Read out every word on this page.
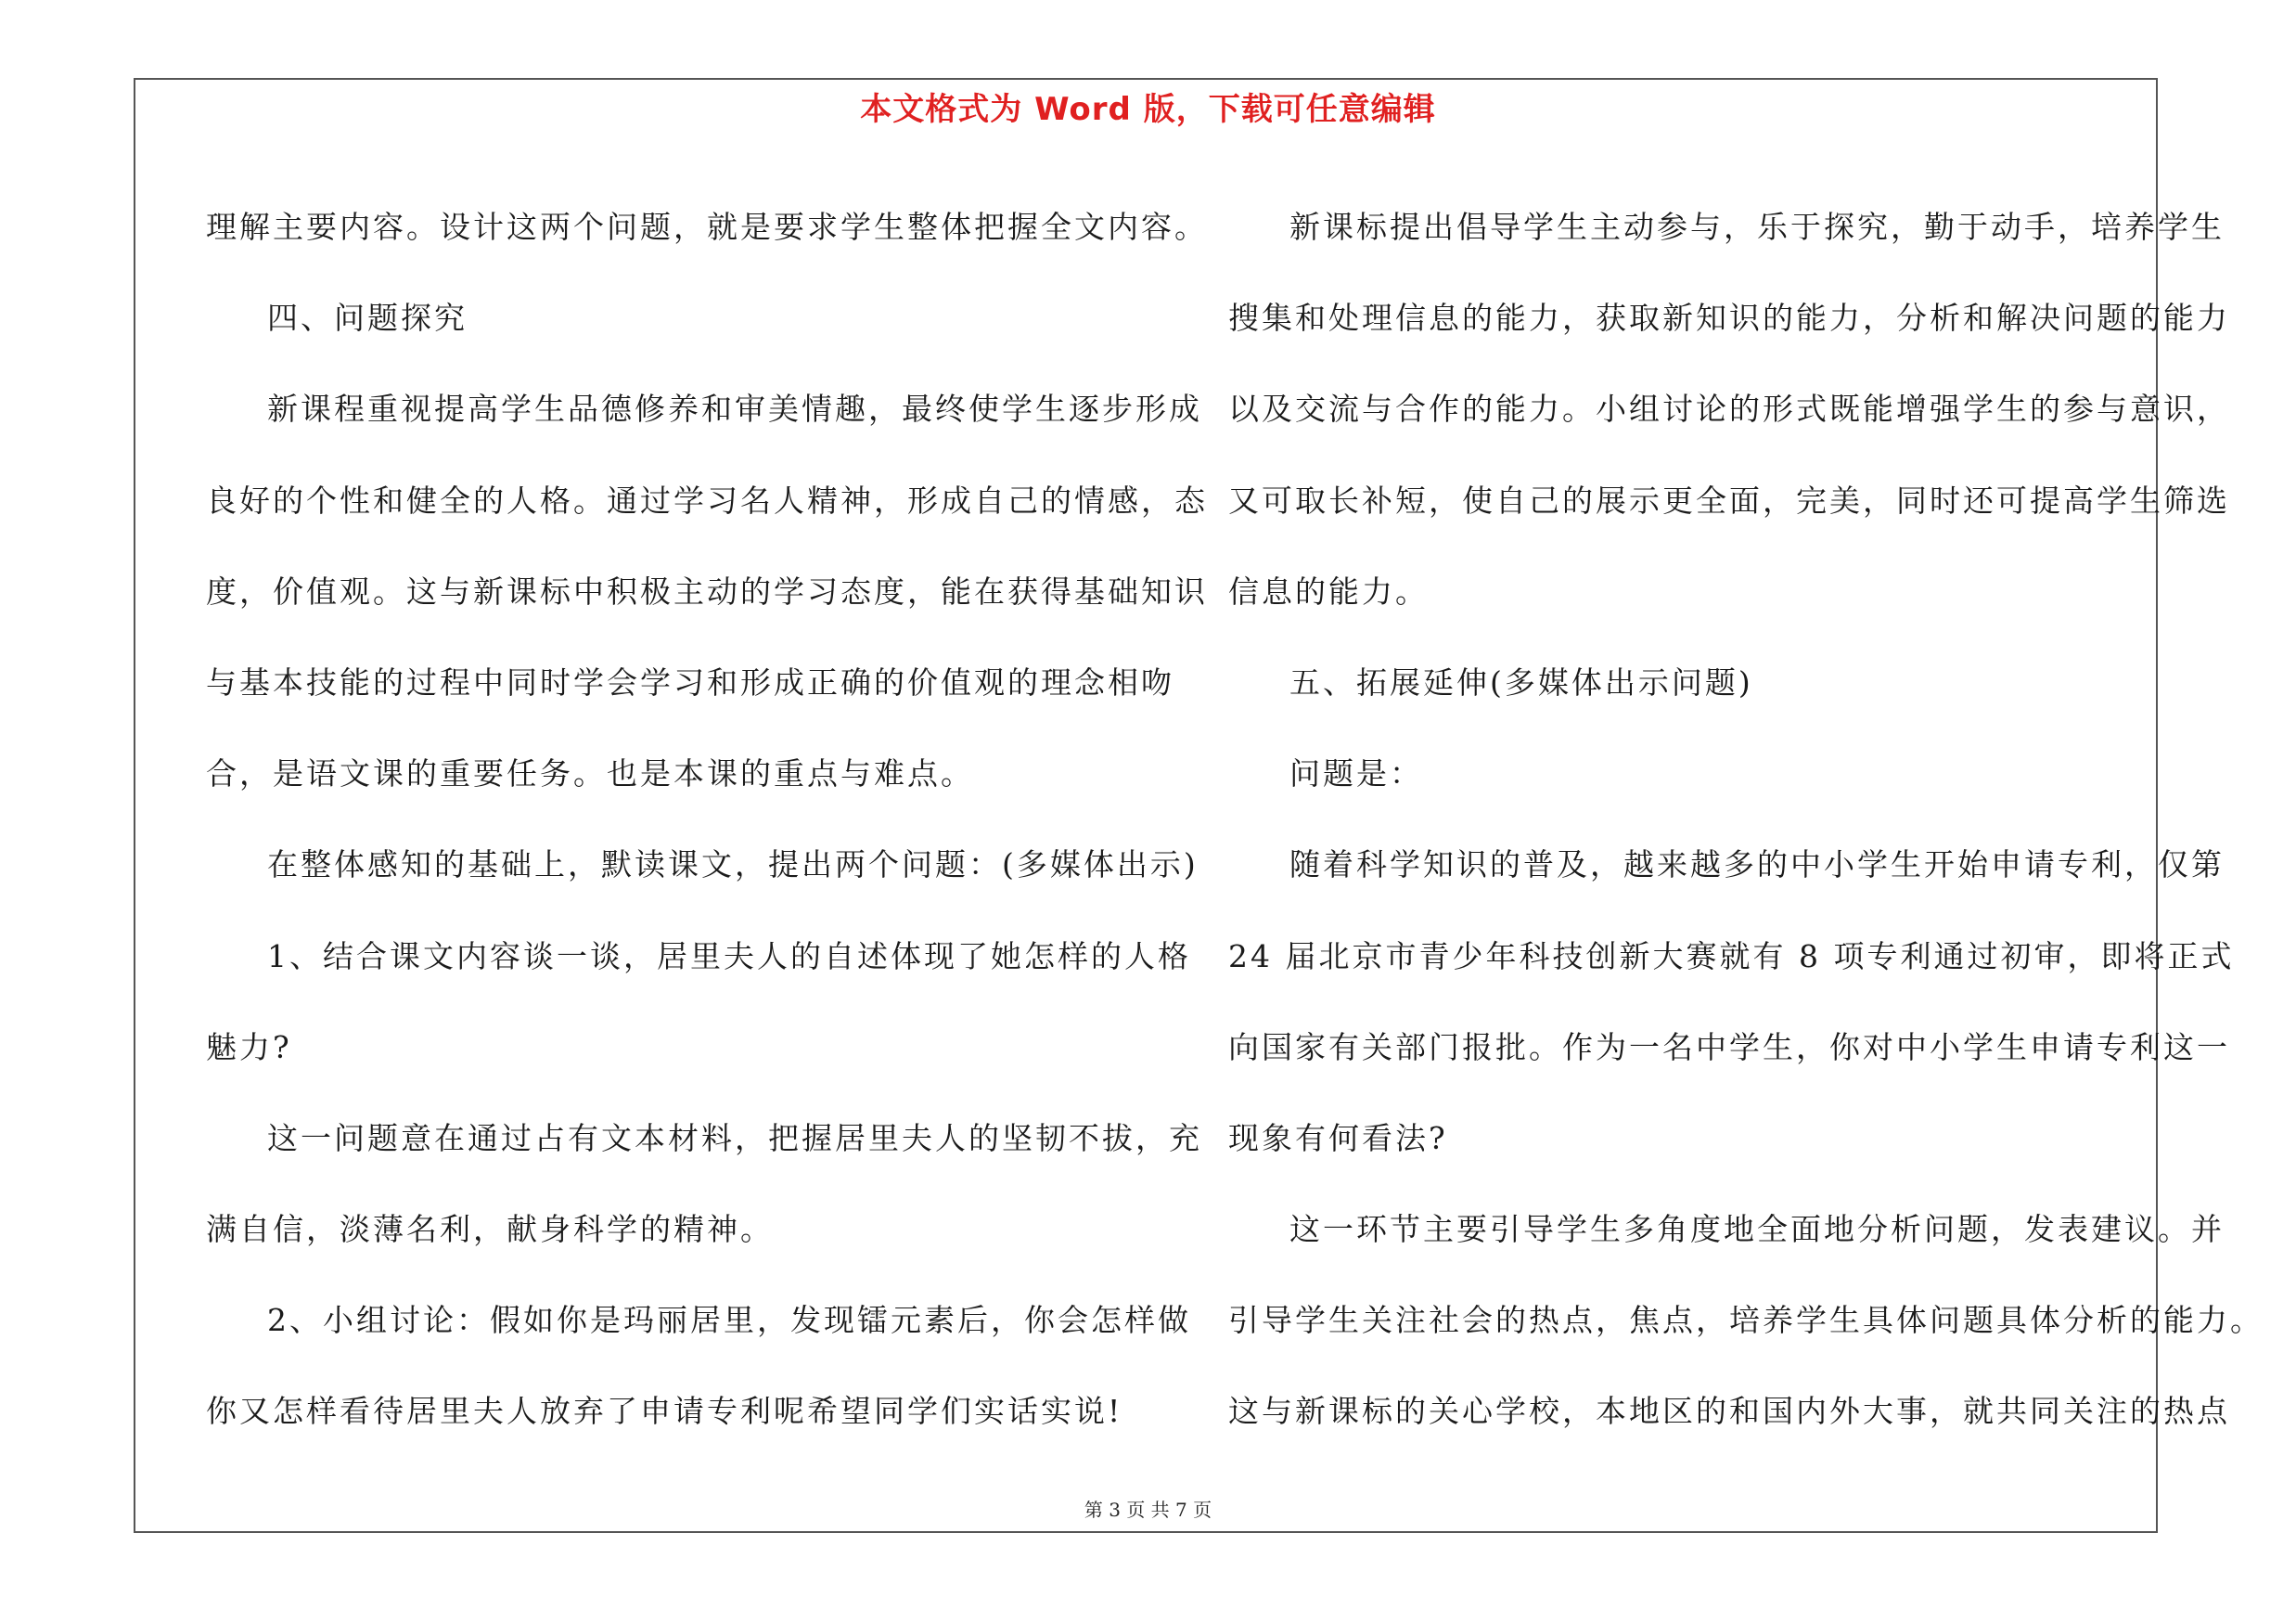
本文格式为 Word 版，下载可任意编辑
理解主要内容。设计这两个问题，就是要求学生整体把握全文内容。
四、问题探究
新课程重视提高学生品德修养和审美情趣，最终使学生逐步形成
良好的个性和健全的人格。通过学习名人精神，形成自己的情感，态
度，价值观。这与新课标中积极主动的学习态度，能在获得基础知识
与基本技能的过程中同时学会学习和形成正确的价值观的理念相吻
合，是语文课的重要任务。也是本课的重点与难点。
在整体感知的基础上，默读课文，提出两个问题：(多媒体出示)
1、结合课文内容谈一谈，居里夫人的自述体现了她怎样的人格
魅力?
这一问题意在通过占有文本材料，把握居里夫人的坚韧不拔，充
满自信，淡薄名利，献身科学的精神。
2、小组讨论：假如你是玛丽居里，发现镭元素后，你会怎样做
你又怎样看待居里夫人放弃了申请专利呢希望同学们实话实说!
新课标提出倡导学生主动参与，乐于探究，勤于动手，培养学生
搜集和处理信息的能力，获取新知识的能力，分析和解决问题的能力
以及交流与合作的能力。小组讨论的形式既能增强学生的参与意识，
又可取长补短，使自己的展示更全面，完美，同时还可提高学生筛选
信息的能力。
五、拓展延伸(多媒体出示问题)
问题是：
随着科学知识的普及，越来越多的中小学生开始申请专利，仅第
24 届北京市青少年科技创新大赛就有 8 项专利通过初审，即将正式
向国家有关部门报批。作为一名中学生，你对中小学生申请专利这一
现象有何看法?
这一环节主要引导学生多角度地全面地分析问题，发表建议。并
引导学生关注社会的热点，焦点，培养学生具体问题具体分析的能力。
这与新课标的关心学校，本地区的和国内外大事，就共同关注的热点
第 3 页 共 7 页
